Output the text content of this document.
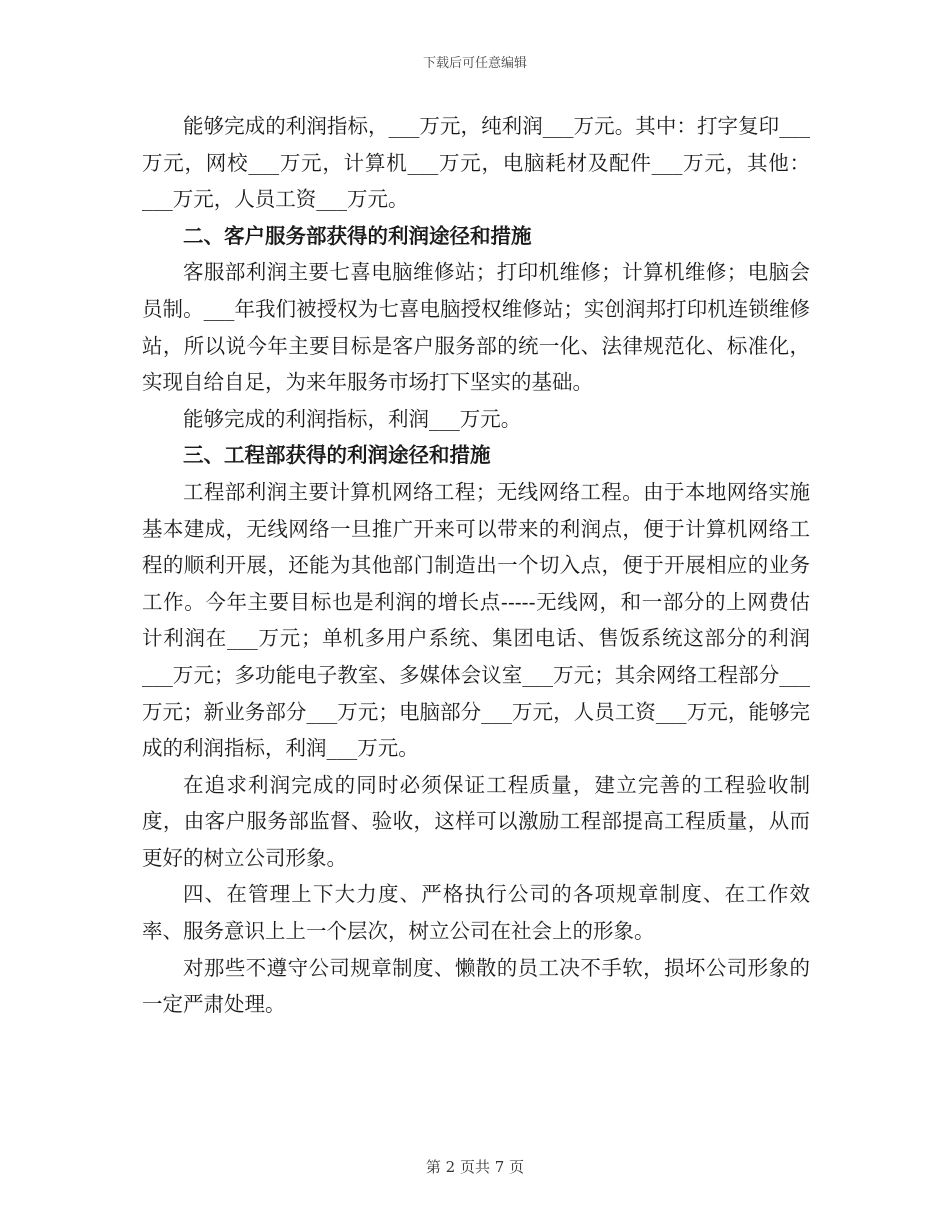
下载后可任意编辑

能够完成的利润指标，___万元，纯利润___万元。其中：打字复印___万元，网校___万元，计算机___万元，电脑耗材及配件___万元，其他：___万元，人员工资___万元。

二、客户服务部获得的利润途径和措施

客服部利润主要七喜电脑维修站；打印机维修；计算机维修；电脑会员制。___年我们被授权为七喜电脑授权维修站；实创润邦打印机连锁维修站，所以说今年主要目标是客户服务部的统一化、法律规范化、标准化，实现自给自足，为来年服务市场打下坚实的基础。

能够完成的利润指标，利润___万元。

三、工程部获得的利润途径和措施

工程部利润主要计算机网络工程；无线网络工程。由于本地网络实施基本建成，无线网络一旦推广开来可以带来的利润点，便于计算机网络工程的顺利开展，还能为其他部门制造出一个切入点，便于开展相应的业务工作。今年主要目标也是利润的增长点-----无线网，和一部分的上网费估计利润在___万元；单机多用户系统、集团电话、售饭系统这部分的利润___万元；多功能电子教室、多媒体会议室___万元；其余网络工程部分___万元；新业务部分___万元；电脑部分___万元，人员工资___万元，能够完成的利润指标，利润___万元。

在追求利润完成的同时必须保证工程质量，建立完善的工程验收制度，由客户服务部监督、验收，这样可以激励工程部提高工程质量，从而更好的树立公司形象。

四、在管理上下大力度、严格执行公司的各项规章制度、在工作效率、服务意识上上一个层次，树立公司在社会上的形象。

对那些不遵守公司规章制度、懒散的员工决不手软，损坏公司形象的一定严肃处理。

第 2 页共 7 页
